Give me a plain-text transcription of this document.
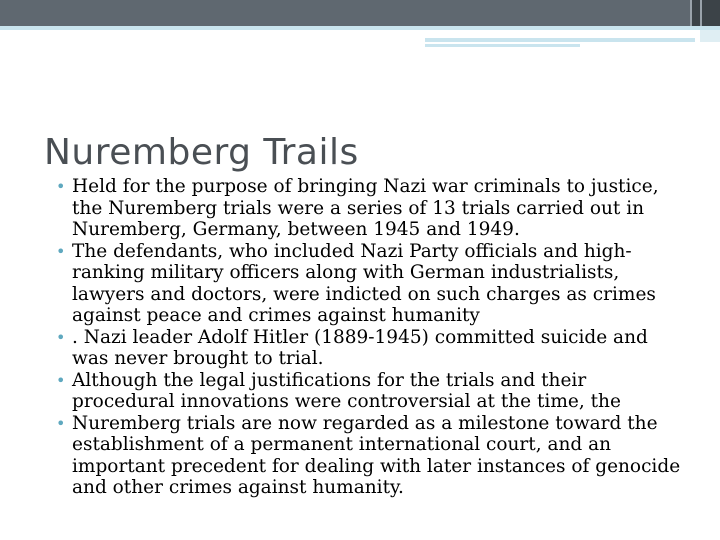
Nuremberg Trails
• Held for the purpose of bringing Nazi war criminals to justice, the Nuremberg trials were a series of 13 trials carried out in Nuremberg, Germany, between 1945 and 1949.
• The defendants, who included Nazi Party officials and high-ranking military officers along with German industrialists, lawyers and doctors, were indicted on such charges as crimes against peace and crimes against humanity
• . Nazi leader Adolf Hitler (1889-1945) committed suicide and was never brought to trial.
• Although the legal justifications for the trials and their procedural innovations were controversial at the time, the
• Nuremberg trials are now regarded as a milestone toward the establishment of a permanent international court, and an important precedent for dealing with later instances of genocide and other crimes against humanity.
